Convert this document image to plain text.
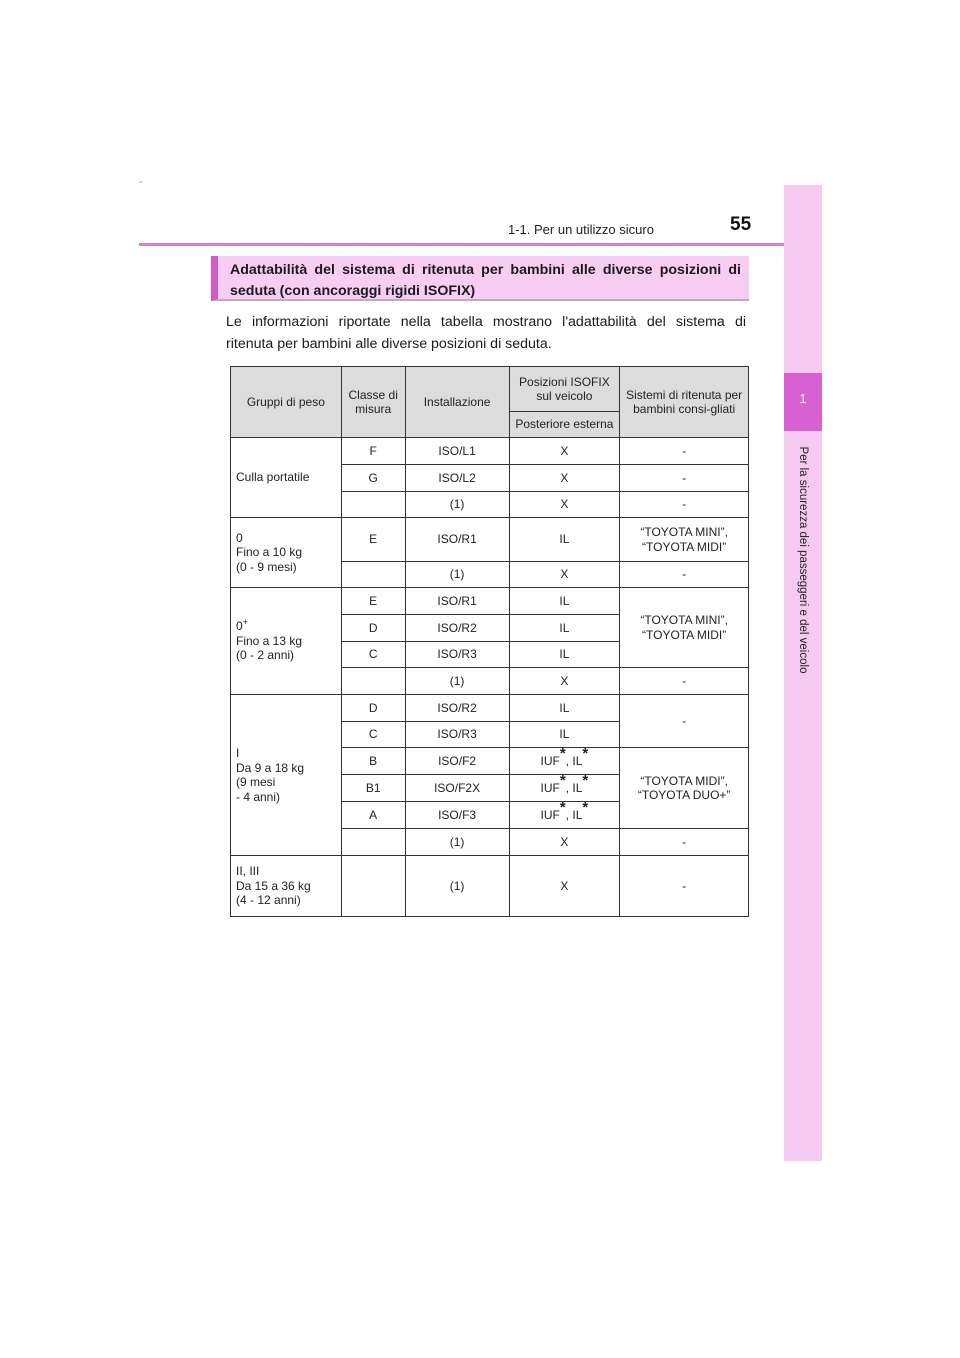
-
1-1. Per un utilizzo sicuro	55
1
Per la sicurezza dei passeggeri e del veicolo
Adattabilità del sistema di ritenuta per bambini alle diverse posizioni di
seduta (con ancoraggi rigidi ISOFIX)
Le informazioni riportate nella tabella mostrano l'adattabilità del sistema di
ritenuta per bambini alle diverse posizioni di seduta.
Gruppi di peso	Classe di misura	Installazione	Posizioni ISOFIX sul veicolo	Sistemi di ritenuta per bambini consi-gliati
			Posteriore esterna	
Culla portatile	F	ISO/L1	X	-
	G	ISO/L2	X	-
		(1)	X	-
0
Fino a 10 kg
(0 - 9 mesi)	E	ISO/R1	IL	“TOYOTA MINI”, “TOYOTA MIDI”
		(1)	X	-
0+
Fino a 13 kg
(0 - 2 anni)	E	ISO/R1	IL	“TOYOTA MINI”, “TOYOTA MIDI”
	D	ISO/R2	IL	
	C	ISO/R3	IL	
		(1)	X	-
I
Da 9 a 18 kg
(9 mesi
- 4 anni)	D	ISO/R2	IL	-
	C	ISO/R3	IL	
	B	ISO/F2	IUF*, IL*	“TOYOTA MIDI”, “TOYOTA DUO+”
	B1	ISO/F2X	IUF*, IL*	
	A	ISO/F3	IUF*, IL*	
		(1)	X	-
II, III
Da 15 a 36 kg
(4 - 12 anni)		(1)	X	-
